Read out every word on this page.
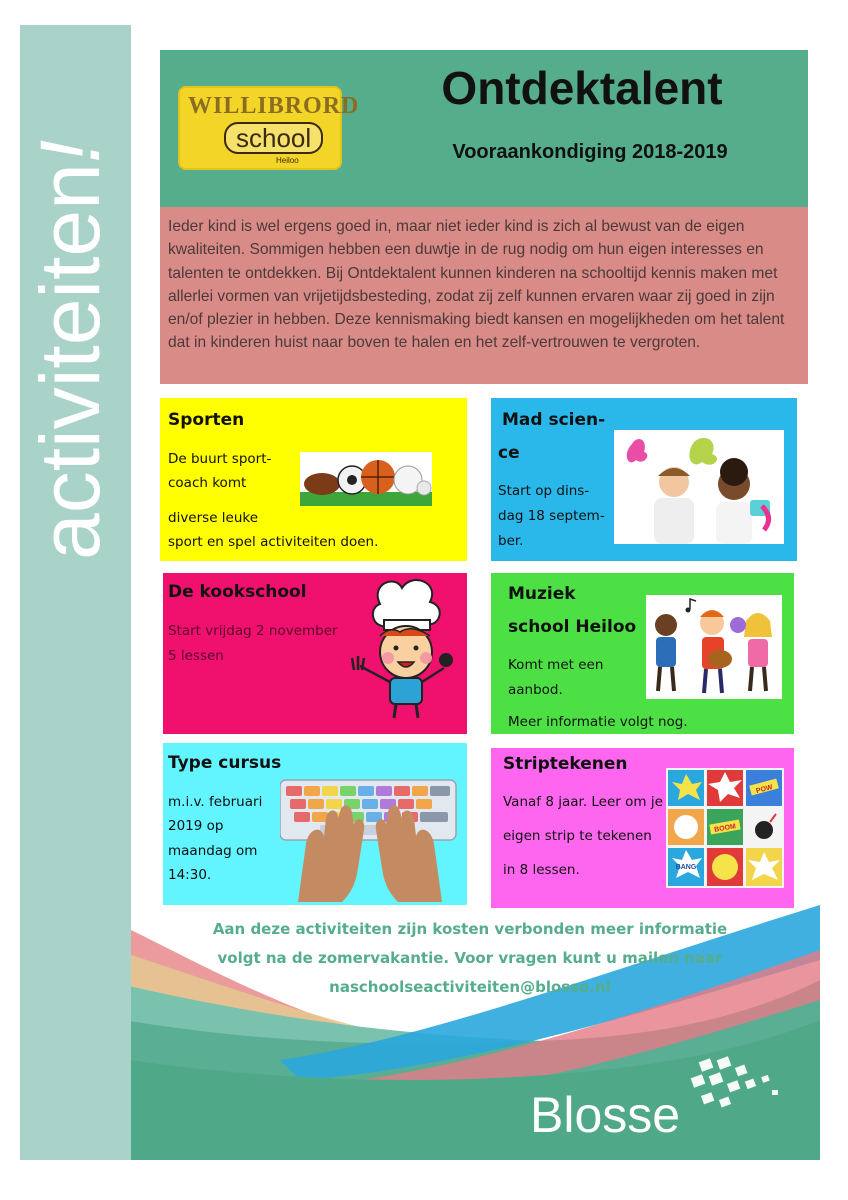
activiteiten!
WILLIBRORD
school
Heiloo
Ontdektalent
Vooraankondiging 2018-2019

Ieder kind is wel ergens goed in, maar niet ieder kind is zich al bewust van de eigen kwaliteiten. Sommigen hebben een duwtje in de rug nodig om hun eigen interesses en talenten te ontdekken. Bij Ontdektalent kunnen kinderen na schooltijd kennis maken met allerlei vormen van vrijetijdsbesteding, zodat zij zelf kunnen ervaren waar zij goed in zijn en/of plezier in hebben. Deze kennismaking biedt kansen en mogelijkheden om het talent dat in kinderen huist naar boven te halen en het zelf-vertrouwen te vergroten.

Sporten
De buurt sport-
coach komt
diverse leuke
sport en spel activiteiten doen.
Mad scien-
ce
Start op dins-
dag 18 septem-
ber.
De kookschool
Start vrijdag 2 november
5 lessen
Muziek
school Heiloo
Komt met een
aanbod.
Meer informatie volgt nog.
Type cursus
m.i.v. februari
2019 op
maandag om
14:30.
Striptekenen
Vanaf 8 jaar. Leer om je
eigen strip te tekenen
in 8 lessen.
POW
BOOM
BANG
Aan deze activiteiten zijn kosten verbonden meer informatie
volgt na de zomervakantie. Voor vragen kunt u mailen naar
naschoolseactiviteiten@blosse.nl
Blosse
